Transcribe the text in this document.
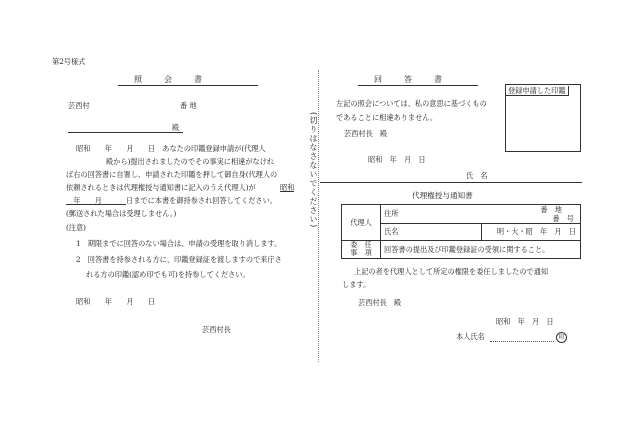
第2号様式
照会書
芸西村	番 地
殿
昭和　　年　　月　　日　あなたの印鑑登録申請が(代理人
殿から)提出されましたのでその事実に相違がなけれ
ば右の回答書に自署し、申請された印鑑を押して御自身(代理人の
依頼されるときは代理権授与通知書に記入のうえ代理人)が	昭和
　年　　月　　	日までに本書を御持参され回答してください。
(郵送された場合は受理しません。)
(注意)
1　期限までに回答のない場合は、申請の受理を取り消します。
2　回答書を持参される方に、印鑑登録証を渡しますので来庁さ
れる方の印鑑(認め印でも可)を持参してください。
昭和　　年　　月　　日
芸西村長
(切りはなさないでください)
回答書
登録申請した印鑑
左記の照会については、私の意思に基づくもの
であることに相違ありません。
芸西村長　殿
昭和　年　月　日
氏　名
代理権授与通知書
代理人	住所 番　地
番　号

	氏名 明・大・昭　年　月　日

委　任
事　項	回答書の提出及び印鑑登録証の受領に関すること。
上記の者を代理人として所定の権限を委任しましたので通知
します。
芸西村長　殿
昭和　年　月　日
本人氏名	印
